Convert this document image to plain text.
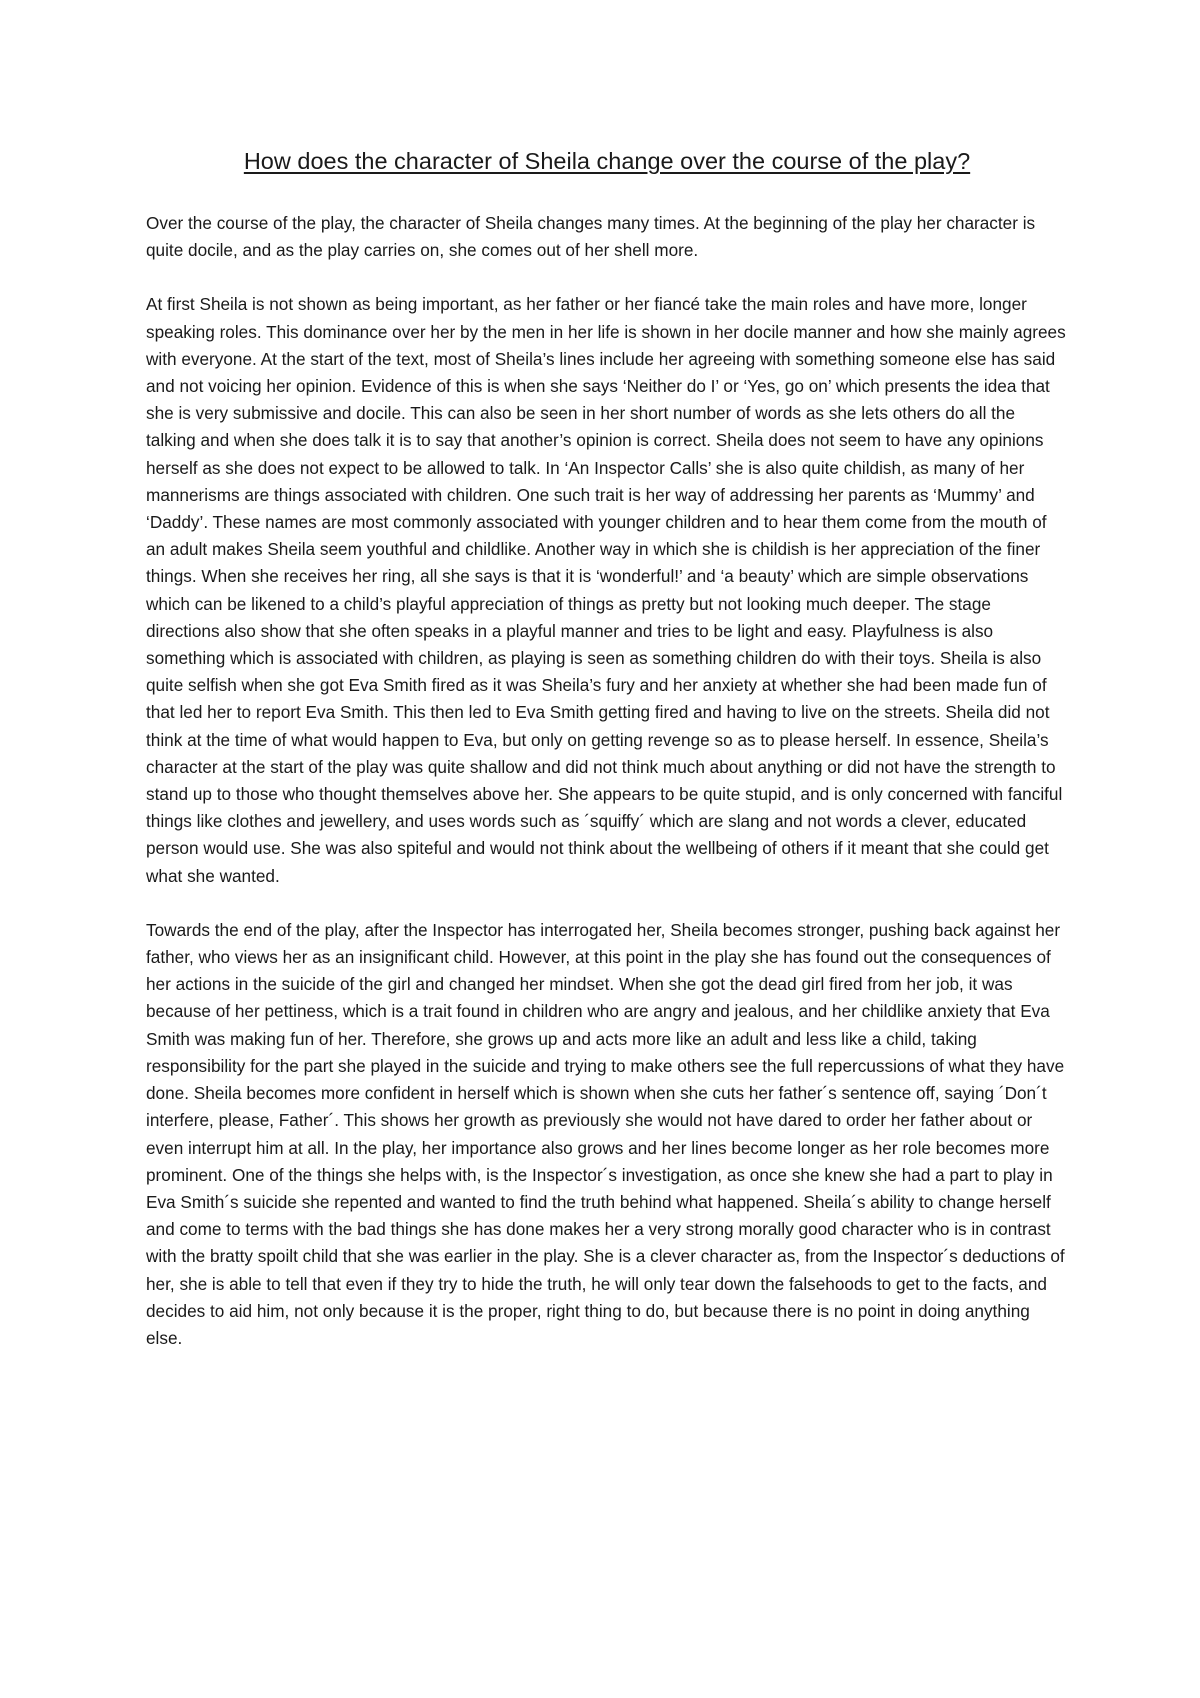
How does the character of Sheila change over the course of the play?

Over the course of the play, the character of Sheila changes many times. At the beginning of the play her character is quite docile, and as the play carries on, she comes out of her shell more.

At first Sheila is not shown as being important, as her father or her fiancé take the main roles and have more, longer speaking roles. This dominance over her by the men in her life is shown in her docile manner and how she mainly agrees with everyone. At the start of the text, most of Sheila’s lines include her agreeing with something someone else has said and not voicing her opinion. Evidence of this is when she says ‘Neither do I’ or ‘Yes, go on’ which presents the idea that she is very submissive and docile. This can also be seen in her short number of words as she lets others do all the talking and when she does talk it is to say that another’s opinion is correct. Sheila does not seem to have any opinions herself as she does not expect to be allowed to talk. In ‘An Inspector Calls’ she is also quite childish, as many of her mannerisms are things associated with children. One such trait is her way of addressing her parents as ‘Mummy’ and ‘Daddy’. These names are most commonly associated with younger children and to hear them come from the mouth of an adult makes Sheila seem youthful and childlike. Another way in which she is childish is her appreciation of the finer things. When she receives her ring, all she says is that it is ‘wonderful!’ and ‘a beauty’ which are simple observations which can be likened to a child’s playful appreciation of things as pretty but not looking much deeper. The stage directions also show that she often speaks in a playful manner and tries to be light and easy. Playfulness is also something which is associated with children, as playing is seen as something children do with their toys. Sheila is also quite selfish when she got Eva Smith fired as it was Sheila’s fury and her anxiety at whether she had been made fun of that led her to report Eva Smith. This then led to Eva Smith getting fired and having to live on the streets. Sheila did not think at the time of what would happen to Eva, but only on getting revenge so as to please herself. In essence, Sheila’s character at the start of the play was quite shallow and did not think much about anything or did not have the strength to stand up to those who thought themselves above her. She appears to be quite stupid, and is only concerned with fanciful things like clothes and jewellery, and uses words such as ´squiffy´ which are slang and not words a clever, educated person would use. She was also spiteful and would not think about the wellbeing of others if it meant that she could get what she wanted.

Towards the end of the play, after the Inspector has interrogated her, Sheila becomes stronger, pushing back against her father, who views her as an insignificant child. However, at this point in the play she has found out the consequences of her actions in the suicide of the girl and changed her mindset. When she got the dead girl fired from her job, it was because of her pettiness, which is a trait found in children who are angry and jealous, and her childlike anxiety that Eva Smith was making fun of her. Therefore, she grows up and acts more like an adult and less like a child, taking responsibility for the part she played in the suicide and trying to make others see the full repercussions of what they have done. Sheila becomes more confident in herself which is shown when she cuts her father´s sentence off, saying ´Don´t interfere, please, Father´. This shows her growth as previously she would not have dared to order her father about or even interrupt him at all. In the play, her importance also grows and her lines become longer as her role becomes more prominent. One of the things she helps with, is the Inspector´s investigation, as once she knew she had a part to play in Eva Smith´s suicide she repented and wanted to find the truth behind what happened. Sheila´s ability to change herself and come to terms with the bad things she has done makes her a very strong morally good character who is in contrast with the bratty spoilt child that she was earlier in the play. She is a clever character as, from the Inspector´s deductions of her, she is able to tell that even if they try to hide the truth, he will only tear down the falsehoods to get to the facts, and decides to aid him, not only because it is the proper, right thing to do, but because there is no point in doing anything else.
